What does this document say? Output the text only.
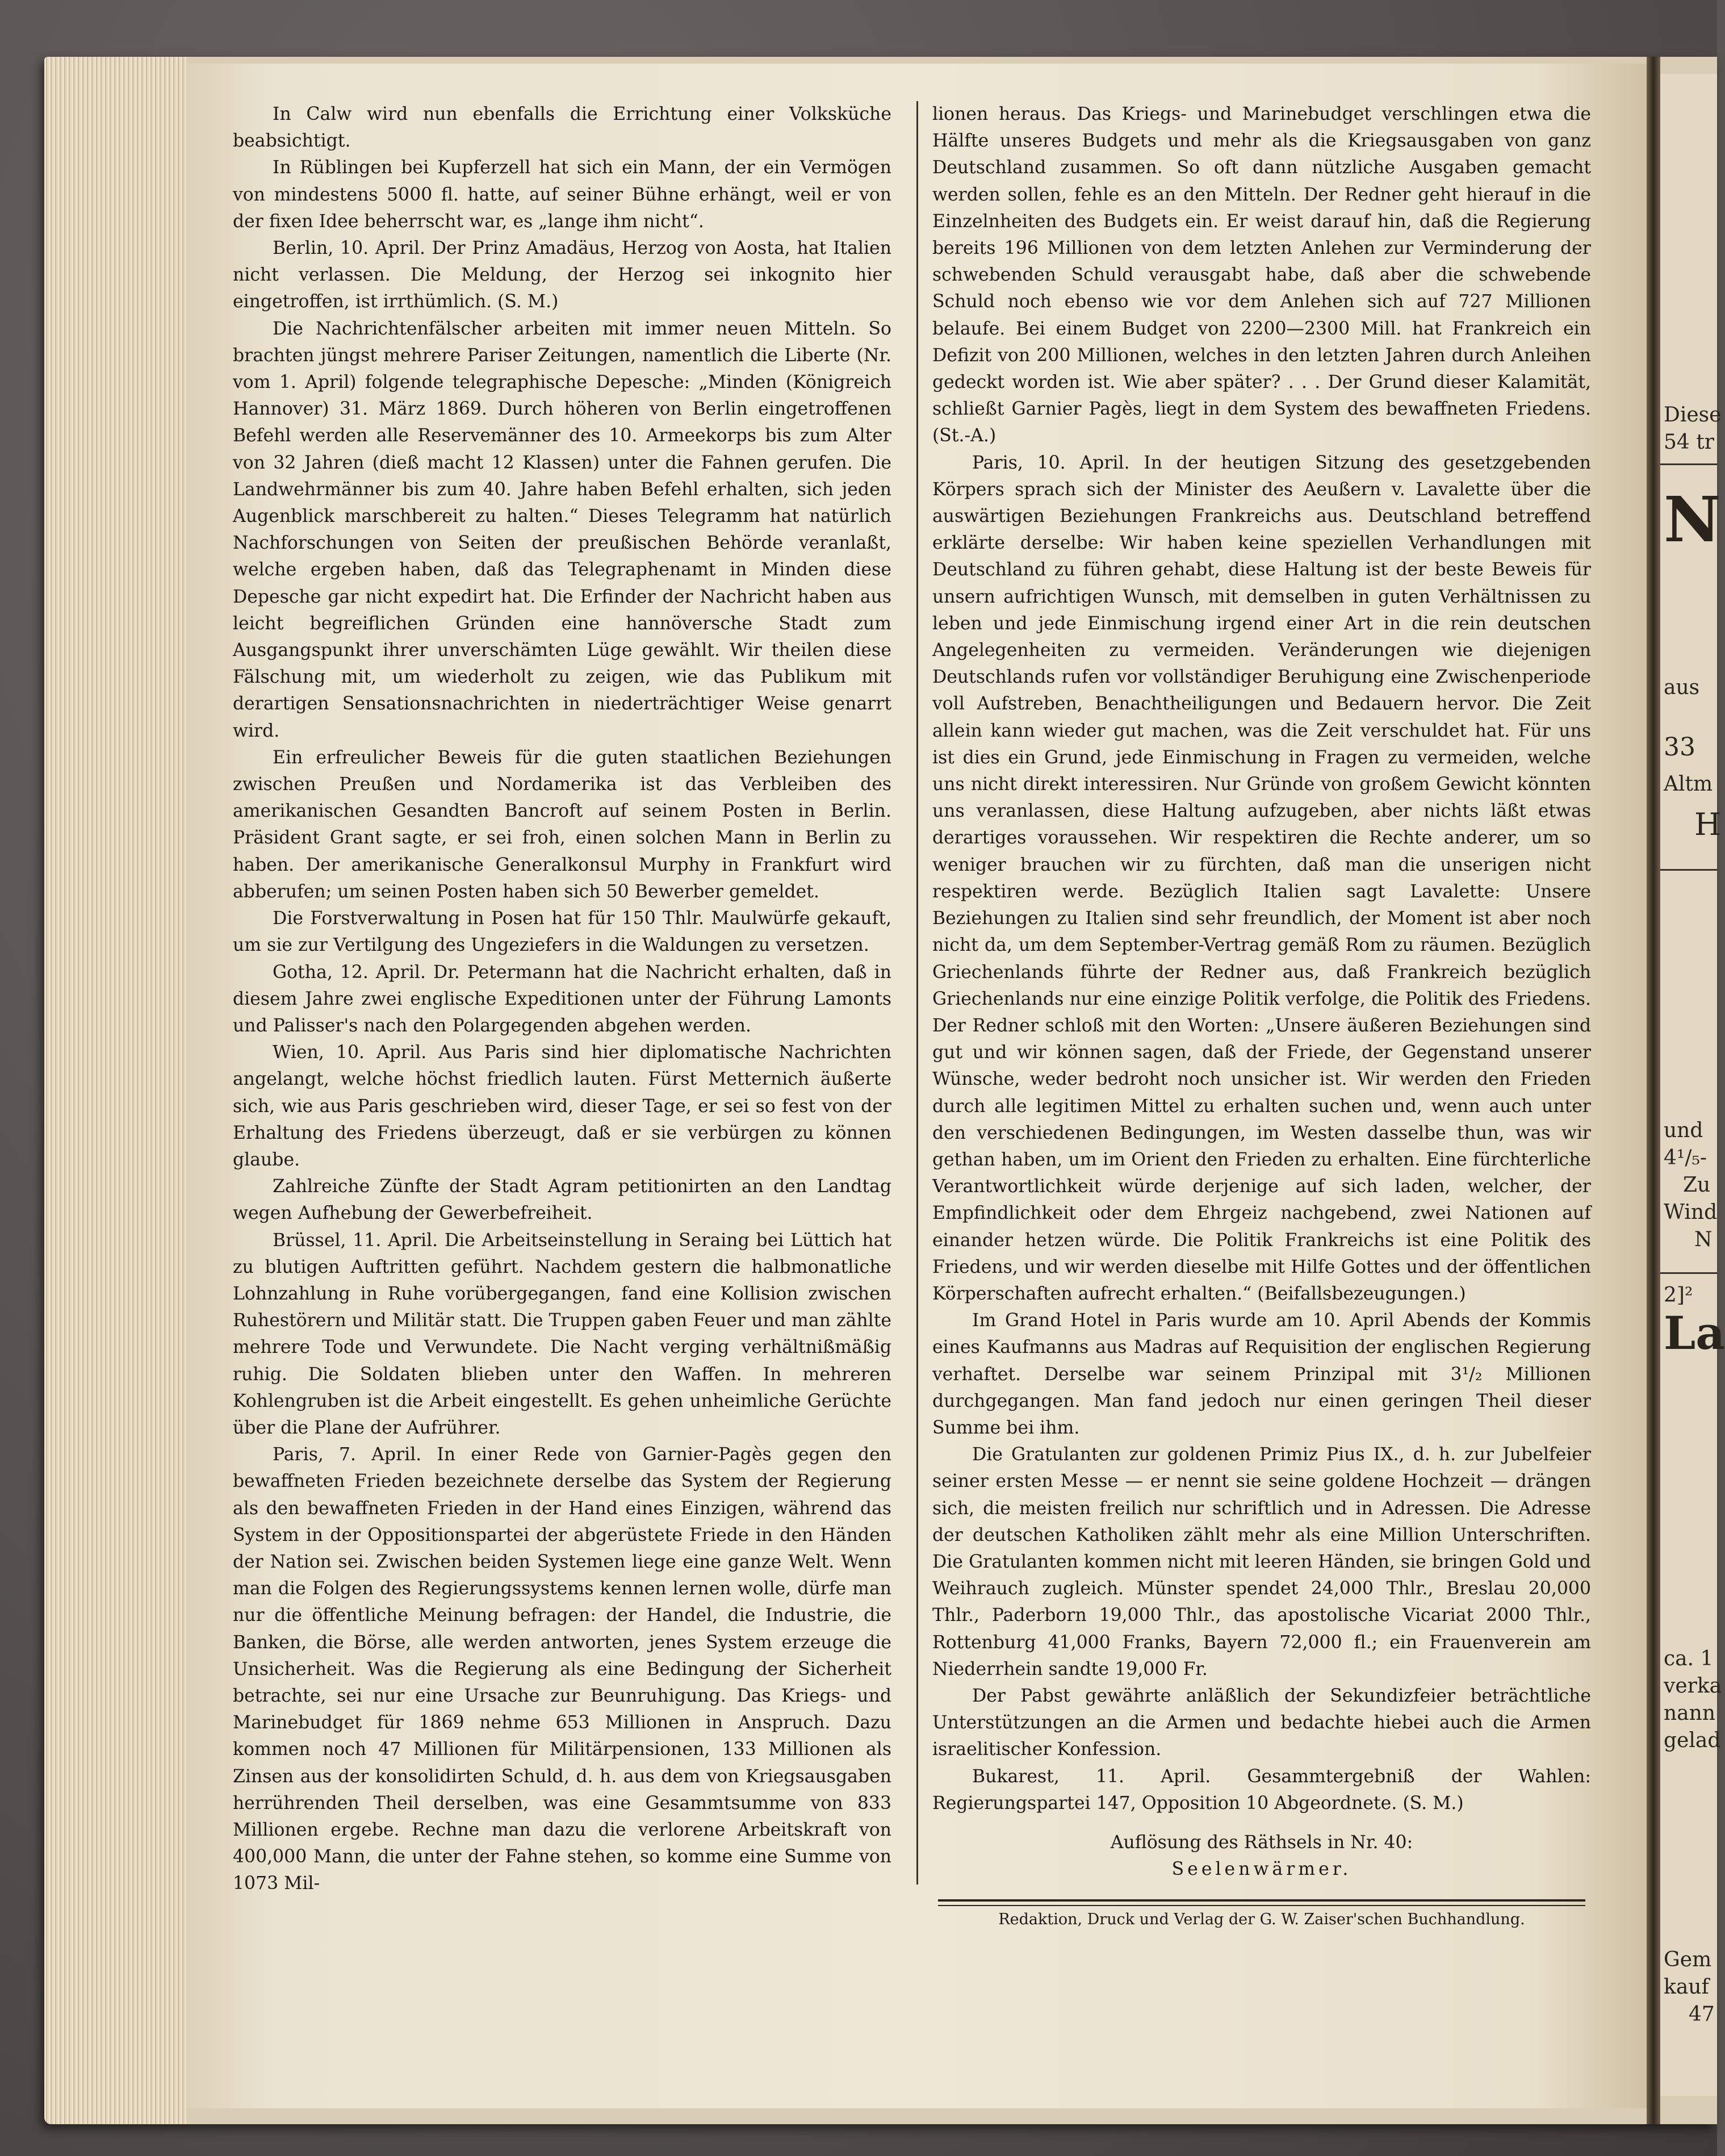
Diese
54 tr
N
aus
33
Altm
H
und
4¹/₅-
Zu
Wind
N
2]²
La
ca. 1
verka
nann
gelad
Gem
kauf
47

In Calw wird nun ebenfalls die Errichtung einer Volksküche beabsichtigt.

In Rüblingen bei Kupferzell hat sich ein Mann, der ein Vermögen von mindestens 5000 fl. hatte, auf seiner Bühne erhängt, weil er von der fixen Idee beherrscht war, es „lange ihm nicht“.

Berlin, 10. April. Der Prinz Amadäus, Herzog von Aosta, hat Italien nicht verlassen. Die Meldung, der Herzog sei inkognito hier eingetroffen, ist irrthümlich. (S. M.)

Die Nachrichtenfälscher arbeiten mit immer neuen Mitteln. So brachten jüngst mehrere Pariser Zeitungen, namentlich die Liberte (Nr. vom 1. April) folgende telegraphische Depesche: „Minden (Königreich Hannover) 31. März 1869. Durch höheren von Berlin eingetroffenen Befehl werden alle Reservemänner des 10. Armeekorps bis zum Alter von 32 Jahren (dieß macht 12 Klassen) unter die Fahnen gerufen. Die Landwehrmänner bis zum 40. Jahre haben Befehl erhalten, sich jeden Augenblick marschbereit zu halten.“ Dieses Telegramm hat natürlich Nachforschungen von Seiten der preußischen Behörde veranlaßt, welche ergeben haben, daß das Telegraphenamt in Minden diese Depesche gar nicht expedirt hat. Die Erfinder der Nachricht haben aus leicht begreiflichen Gründen eine hannöversche Stadt zum Ausgangspunkt ihrer unverschämten Lüge gewählt. Wir theilen diese Fälschung mit, um wiederholt zu zeigen, wie das Publikum mit derartigen Sensationsnachrichten in niederträchtiger Weise genarrt wird.

Ein erfreulicher Beweis für die guten staatlichen Beziehungen zwischen Preußen und Nordamerika ist das Verbleiben des amerikanischen Gesandten Bancroft auf seinem Posten in Berlin. Präsident Grant sagte, er sei froh, einen solchen Mann in Berlin zu haben. Der amerikanische Generalkonsul Murphy in Frankfurt wird abberufen; um seinen Posten haben sich 50 Bewerber gemeldet.

Die Forstverwaltung in Posen hat für 150 Thlr. Maulwürfe gekauft, um sie zur Vertilgung des Ungeziefers in die Waldungen zu versetzen.

Gotha, 12. April. Dr. Petermann hat die Nachricht erhalten, daß in diesem Jahre zwei englische Expeditionen unter der Führung Lamonts und Palisser's nach den Polargegenden abgehen werden.

Wien, 10. April. Aus Paris sind hier diplomatische Nachrichten angelangt, welche höchst friedlich lauten. Fürst Metternich äußerte sich, wie aus Paris geschrieben wird, dieser Tage, er sei so fest von der Erhaltung des Friedens überzeugt, daß er sie verbürgen zu können glaube.

Zahlreiche Zünfte der Stadt Agram petitionirten an den Landtag wegen Aufhebung der Gewerbefreiheit.

Brüssel, 11. April. Die Arbeitseinstellung in Seraing bei Lüttich hat zu blutigen Auftritten geführt. Nachdem gestern die halbmonatliche Lohnzahlung in Ruhe vorübergegangen, fand eine Kollision zwischen Ruhestörern und Militär statt. Die Truppen gaben Feuer und man zählte mehrere Tode und Verwundete. Die Nacht verging verhältnißmäßig ruhig. Die Soldaten blieben unter den Waffen. In mehreren Kohlengruben ist die Arbeit eingestellt. Es gehen unheimliche Gerüchte über die Plane der Aufrührer.

Paris, 7. April. In einer Rede von Garnier-Pagès gegen den bewaffneten Frieden bezeichnete derselbe das System der Regierung als den bewaffneten Frieden in der Hand eines Einzigen, während das System in der Oppositionspartei der abgerüstete Friede in den Händen der Nation sei. Zwischen beiden Systemen liege eine ganze Welt. Wenn man die Folgen des Regierungssystems kennen lernen wolle, dürfe man nur die öffentliche Meinung befragen: der Handel, die Industrie, die Banken, die Börse, alle werden antworten, jenes System erzeuge die Unsicherheit. Was die Regierung als eine Bedingung der Sicherheit betrachte, sei nur eine Ursache zur Beunruhigung. Das Kriegs- und Marinebudget für 1869 nehme 653 Millionen in Anspruch. Dazu kommen noch 47 Millionen für Militärpensionen, 133 Millionen als Zinsen aus der konsolidirten Schuld, d. h. aus dem von Kriegsausgaben herrührenden Theil derselben, was eine Gesammtsumme von 833 Millionen ergebe. Rechne man dazu die verlorene Arbeitskraft von 400,000 Mann, die unter der Fahne stehen, so komme eine Summe von 1073 Mil-

lionen heraus. Das Kriegs- und Marinebudget verschlingen etwa die Hälfte unseres Budgets und mehr als die Kriegsausgaben von ganz Deutschland zusammen. So oft dann nützliche Ausgaben gemacht werden sollen, fehle es an den Mitteln. Der Redner geht hierauf in die Einzelnheiten des Budgets ein. Er weist darauf hin, daß die Regierung bereits 196 Millionen von dem letzten Anlehen zur Verminderung der schwebenden Schuld verausgabt habe, daß aber die schwebende Schuld noch ebenso wie vor dem Anlehen sich auf 727 Millionen belaufe. Bei einem Budget von 2200—2300 Mill. hat Frankreich ein Defizit von 200 Millionen, welches in den letzten Jahren durch Anleihen gedeckt worden ist. Wie aber später? . . . Der Grund dieser Kalamität, schließt Garnier Pagès, liegt in dem System des bewaffneten Friedens. (St.-A.)

Paris, 10. April. In der heutigen Sitzung des gesetzgebenden Körpers sprach sich der Minister des Aeußern v. Lavalette über die auswärtigen Beziehungen Frankreichs aus. Deutschland betreffend erklärte derselbe: Wir haben keine speziellen Verhandlungen mit Deutschland zu führen gehabt, diese Haltung ist der beste Beweis für unsern aufrichtigen Wunsch, mit demselben in guten Verhältnissen zu leben und jede Einmischung irgend einer Art in die rein deutschen Angelegenheiten zu vermeiden. Veränderungen wie diejenigen Deutschlands rufen vor vollständiger Beruhigung eine Zwischenperiode voll Aufstreben, Benachtheiligungen und Bedauern hervor. Die Zeit allein kann wieder gut machen, was die Zeit verschuldet hat. Für uns ist dies ein Grund, jede Einmischung in Fragen zu vermeiden, welche uns nicht direkt interessiren. Nur Gründe von großem Gewicht könnten uns veranlassen, diese Haltung aufzugeben, aber nichts läßt etwas derartiges voraussehen. Wir respektiren die Rechte anderer, um so weniger brauchen wir zu fürchten, daß man die unserigen nicht respektiren werde. Bezüglich Italien sagt Lavalette: Unsere Beziehungen zu Italien sind sehr freundlich, der Moment ist aber noch nicht da, um dem September-Vertrag gemäß Rom zu räumen. Bezüglich Griechenlands führte der Redner aus, daß Frankreich bezüglich Griechenlands nur eine einzige Politik verfolge, die Politik des Friedens. Der Redner schloß mit den Worten: „Unsere äußeren Beziehungen sind gut und wir können sagen, daß der Friede, der Gegenstand unserer Wünsche, weder bedroht noch unsicher ist. Wir werden den Frieden durch alle legitimen Mittel zu erhalten suchen und, wenn auch unter den verschiedenen Bedingungen, im Westen dasselbe thun, was wir gethan haben, um im Orient den Frieden zu erhalten. Eine fürchterliche Verantwortlichkeit würde derjenige auf sich laden, welcher, der Empfindlichkeit oder dem Ehrgeiz nachgebend, zwei Nationen auf einander hetzen würde. Die Politik Frankreichs ist eine Politik des Friedens, und wir werden dieselbe mit Hilfe Gottes und der öffentlichen Körperschaften aufrecht erhalten.“ (Beifallsbezeugungen.)

Im Grand Hotel in Paris wurde am 10. April Abends der Kommis eines Kaufmanns aus Madras auf Requisition der englischen Regierung verhaftet. Derselbe war seinem Prinzipal mit 3¹/₂ Millionen durchgegangen. Man fand jedoch nur einen geringen Theil dieser Summe bei ihm.

Die Gratulanten zur goldenen Primiz Pius IX., d. h. zur Jubelfeier seiner ersten Messe — er nennt sie seine goldene Hochzeit — drängen sich, die meisten freilich nur schriftlich und in Adressen. Die Adresse der deutschen Katholiken zählt mehr als eine Million Unterschriften. Die Gratulanten kommen nicht mit leeren Händen, sie bringen Gold und Weihrauch zugleich. Münster spendet 24,000 Thlr., Breslau 20,000 Thlr., Paderborn 19,000 Thlr., das apostolische Vicariat 2000 Thlr., Rottenburg 41,000 Franks, Bayern 72,000 fl.; ein Frauenverein am Niederrhein sandte 19,000 Fr.

Der Pabst gewährte anläßlich der Sekundizfeier beträchtliche Unterstützungen an die Armen und bedachte hiebei auch die Armen israelitischer Konfession.

Bukarest, 11. April. Gesammtergebniß der Wahlen: Regierungspartei 147, Opposition 10 Abgeordnete. (S. M.)

Auflösung des Räthsels in Nr. 40:

Seelenwärmer.

Redaktion, Druck und Verlag der G. W. Zaiser'schen Buchhandlung.
